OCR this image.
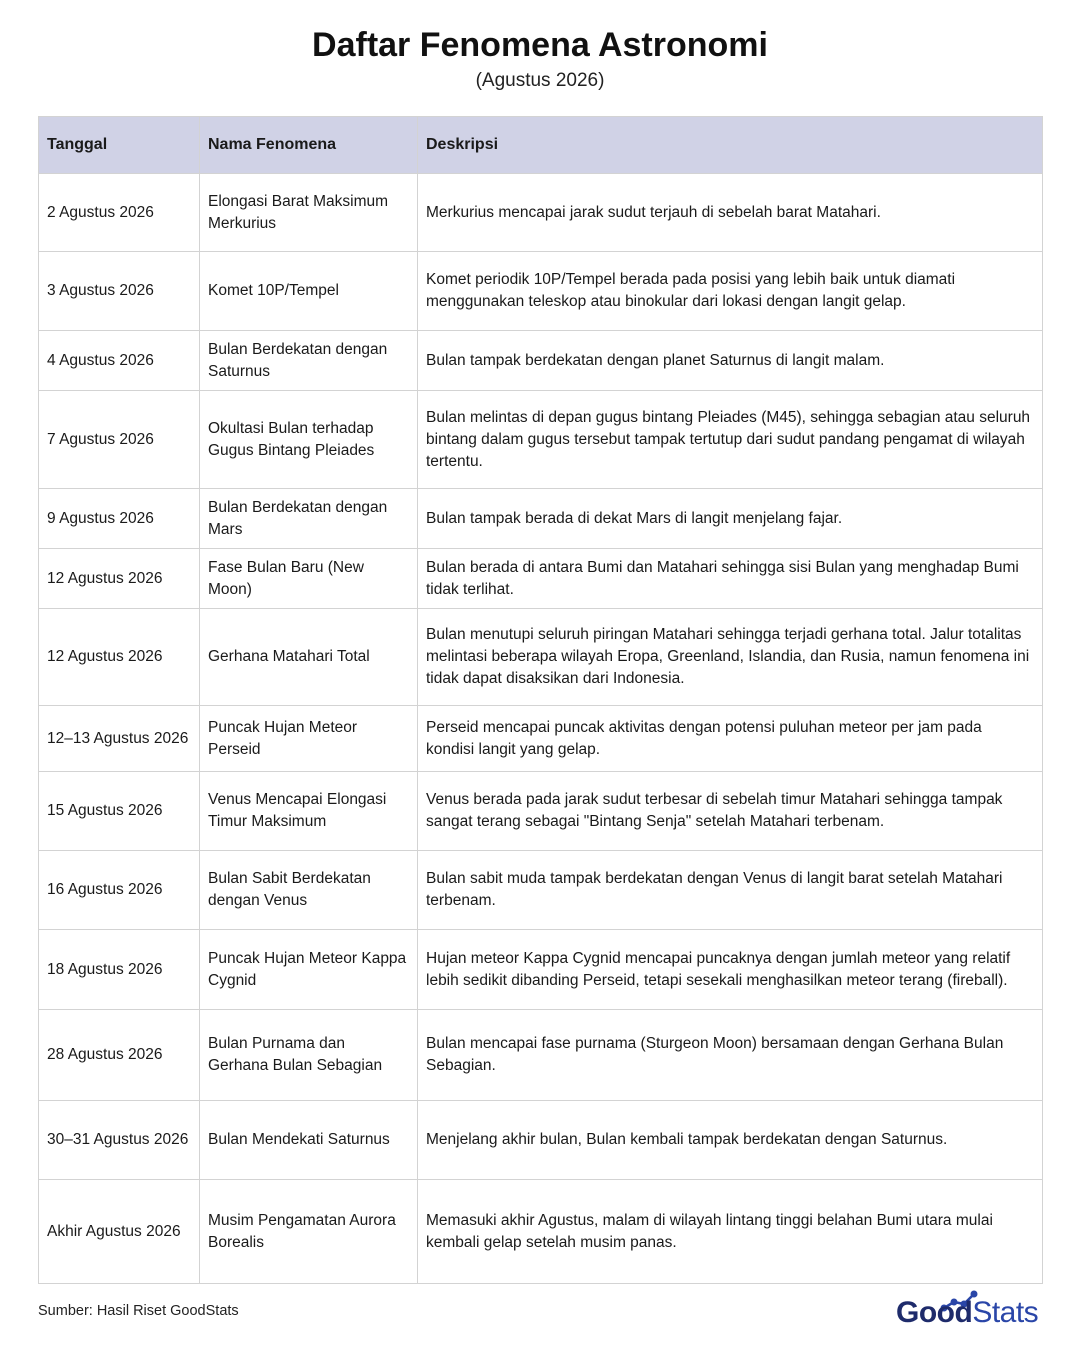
Daftar Fenomena Astronomi
(Agustus 2026)
Tanggal	Nama Fenomena	Deskripsi
2 Agustus 2026	Elongasi Barat Maksimum Merkurius	Merkurius mencapai jarak sudut terjauh di sebelah barat Matahari.
3 Agustus 2026	Komet 10P/Tempel	Komet periodik 10P/Tempel berada pada posisi yang lebih baik untuk diamati menggunakan teleskop atau binokular dari lokasi dengan langit gelap.
4 Agustus 2026	Bulan Berdekatan dengan Saturnus	Bulan tampak berdekatan dengan planet Saturnus di langit malam.
7 Agustus 2026	Okultasi Bulan terhadap Gugus Bintang Pleiades	Bulan melintas di depan gugus bintang Pleiades (M45), sehingga sebagian atau seluruh bintang dalam gugus tersebut tampak tertutup dari sudut pandang pengamat di wilayah tertentu.
9 Agustus 2026	Bulan Berdekatan dengan Mars	Bulan tampak berada di dekat Mars di langit menjelang fajar.
12 Agustus 2026	Fase Bulan Baru (New Moon)	Bulan berada di antara Bumi dan Matahari sehingga sisi Bulan yang menghadap Bumi tidak terlihat.
12 Agustus 2026	Gerhana Matahari Total	Bulan menutupi seluruh piringan Matahari sehingga terjadi gerhana total. Jalur totalitas melintasi beberapa wilayah Eropa, Greenland, Islandia, dan Rusia, namun fenomena ini tidak dapat disaksikan dari Indonesia.
12–13 Agustus 2026	Puncak Hujan Meteor Perseid	Perseid mencapai puncak aktivitas dengan potensi puluhan meteor per jam pada kondisi langit yang gelap.
15 Agustus 2026	Venus Mencapai Elongasi Timur Maksimum	Venus berada pada jarak sudut terbesar di sebelah timur Matahari sehingga tampak sangat terang sebagai "Bintang Senja" setelah Matahari terbenam.
16 Agustus 2026	Bulan Sabit Berdekatan dengan Venus	Bulan sabit muda tampak berdekatan dengan Venus di langit barat setelah Matahari terbenam.
18 Agustus 2026	Puncak Hujan Meteor Kappa Cygnid	Hujan meteor Kappa Cygnid mencapai puncaknya dengan jumlah meteor yang relatif lebih sedikit dibanding Perseid, tetapi sesekali menghasilkan meteor terang (fireball).
28 Agustus 2026	Bulan Purnama dan Gerhana Bulan Sebagian	Bulan mencapai fase purnama (Sturgeon Moon) bersamaan dengan Gerhana Bulan Sebagian.
30–31 Agustus 2026	Bulan Mendekati Saturnus	Menjelang akhir bulan, Bulan kembali tampak berdekatan dengan Saturnus.
Akhir Agustus 2026	Musim Pengamatan Aurora Borealis	Memasuki akhir Agustus, malam di wilayah lintang tinggi belahan Bumi utara mulai kembali gelap setelah musim panas.
Sumber: Hasil Riset GoodStats	GoodStats
